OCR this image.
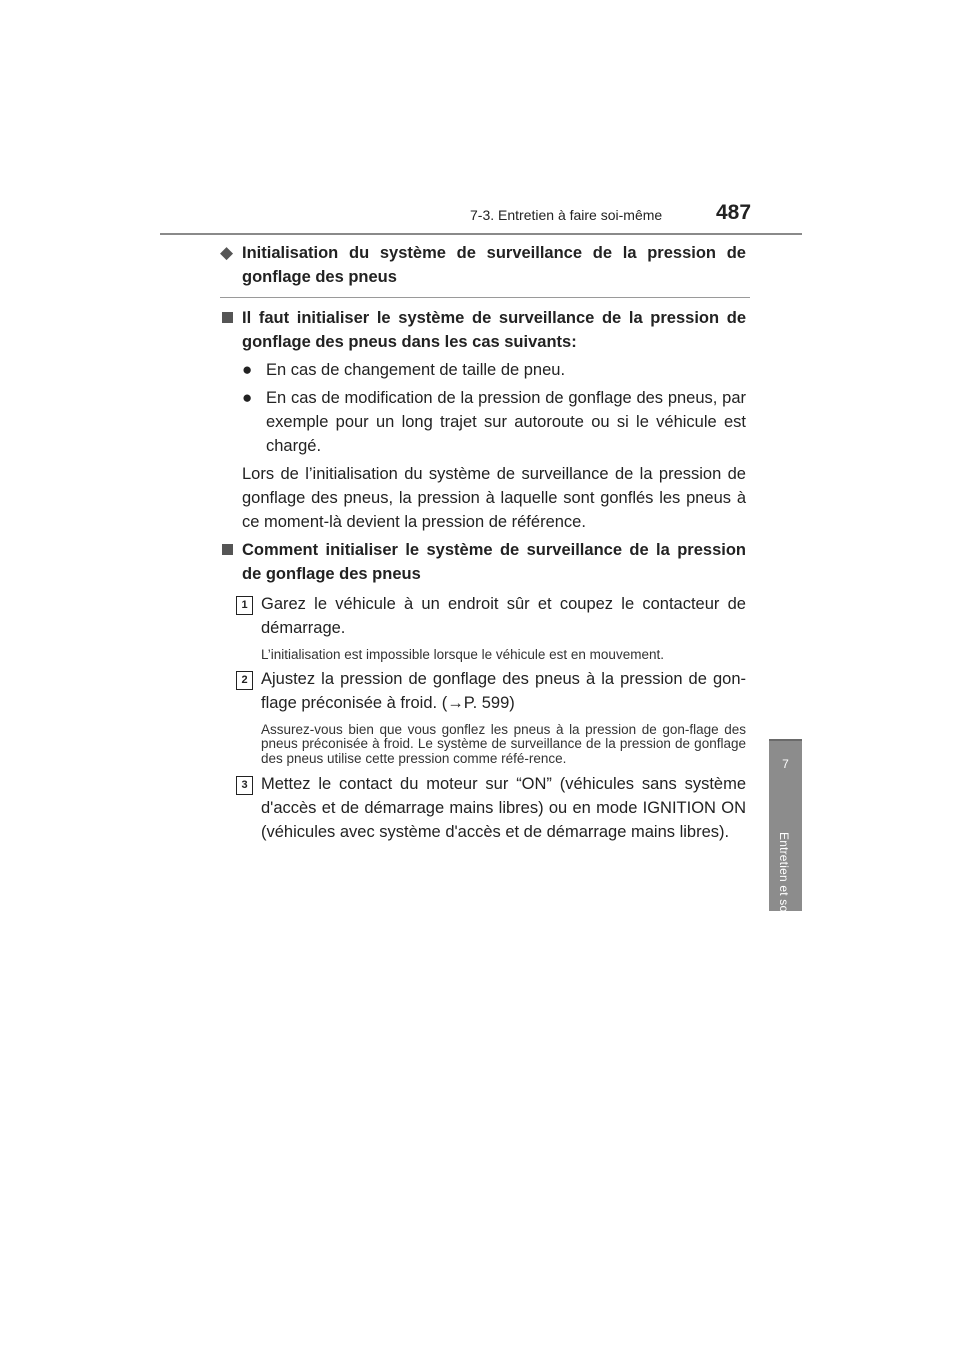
7-3. Entretien à faire soi-même	487
7
Entretien et soin
◆ Initialisation du système de surveillance de la pression de gonflage des pneus
Il faut initialiser le système de surveillance de la pression de gonflage des pneus dans les cas suivants:
● En cas de changement de taille de pneu.
● En cas de modification de la pression de gonflage des pneus, par exemple pour un long trajet sur autoroute ou si le véhicule est chargé.
Lors de l’initialisation du système de surveillance de la pression de gonflage des pneus, la pression à laquelle sont gonflés les pneus à ce moment-là devient la pression de référence.
Comment initialiser le système de surveillance de la pression de gonflage des pneus
1 Garez le véhicule à un endroit sûr et coupez le contacteur de démarrage.
L’initialisation est impossible lorsque le véhicule est en mouvement.
2 Ajustez la pression de gonflage des pneus à la pression de gon-flage préconisée à froid. (→P. 599)
Assurez-vous bien que vous gonflez les pneus à la pression de gon-flage des pneus préconisée à froid. Le système de surveillance de la pression de gonflage des pneus utilise cette pression comme réfé-rence.
3 Mettez le contact du moteur sur “ON” (véhicules sans système d'accès et de démarrage mains libres) ou en mode IGNITION ON (véhicules avec système d'accès et de démarrage mains libres).
